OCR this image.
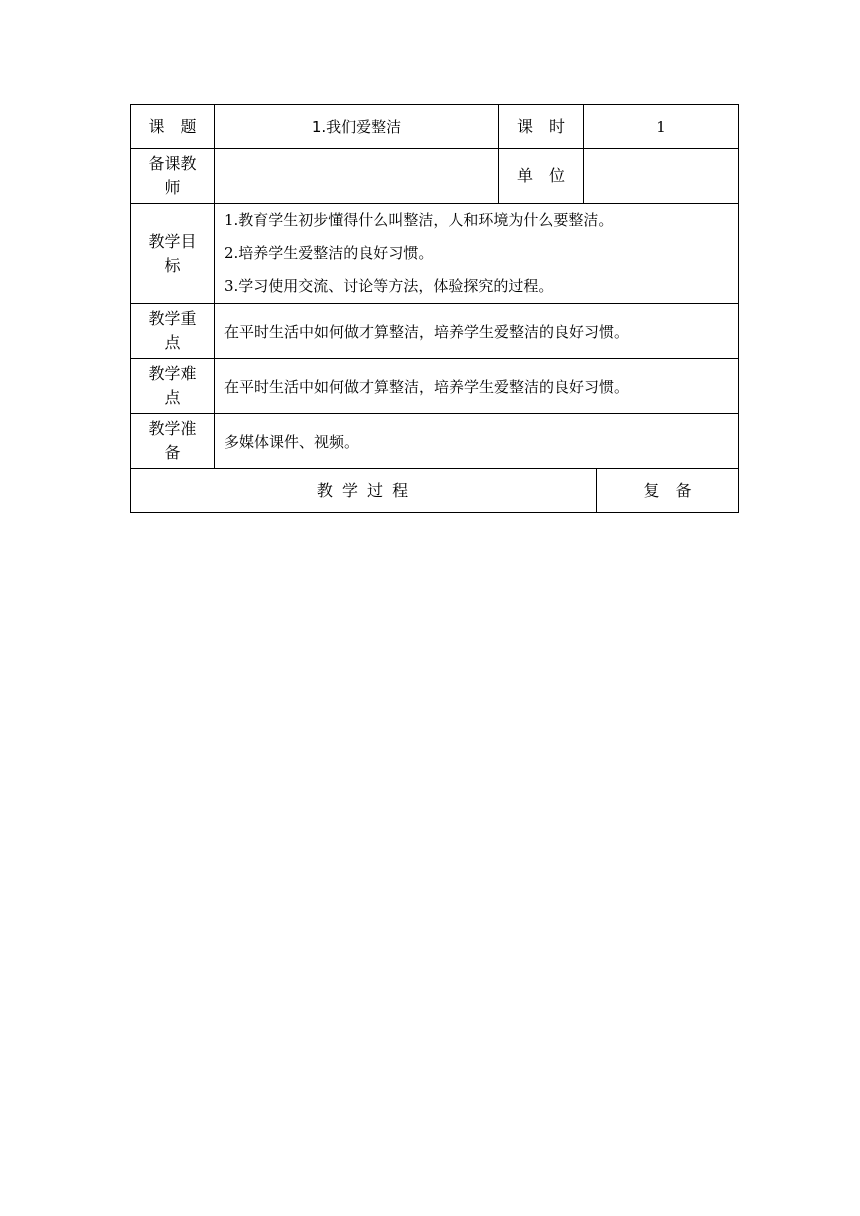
课　题	1.我们爱整洁	课　时	1	
备课教
师		单　位		
教学目
标	1.教育学生初步懂得什么叫整洁，人和环境为什么要整洁。
2.培养学生爱整洁的良好习惯。
3.学习使用交流、讨论等方法，体验探究的过程。			

教学重
点	在平时生活中如何做才算整洁，培养学生爱整洁的良好习惯。			
教学难
点	在平时生活中如何做才算整洁，培养学生爱整洁的良好习惯。			
教学准
备	多媒体课件、视频。			
教 学 过 程				复　备
